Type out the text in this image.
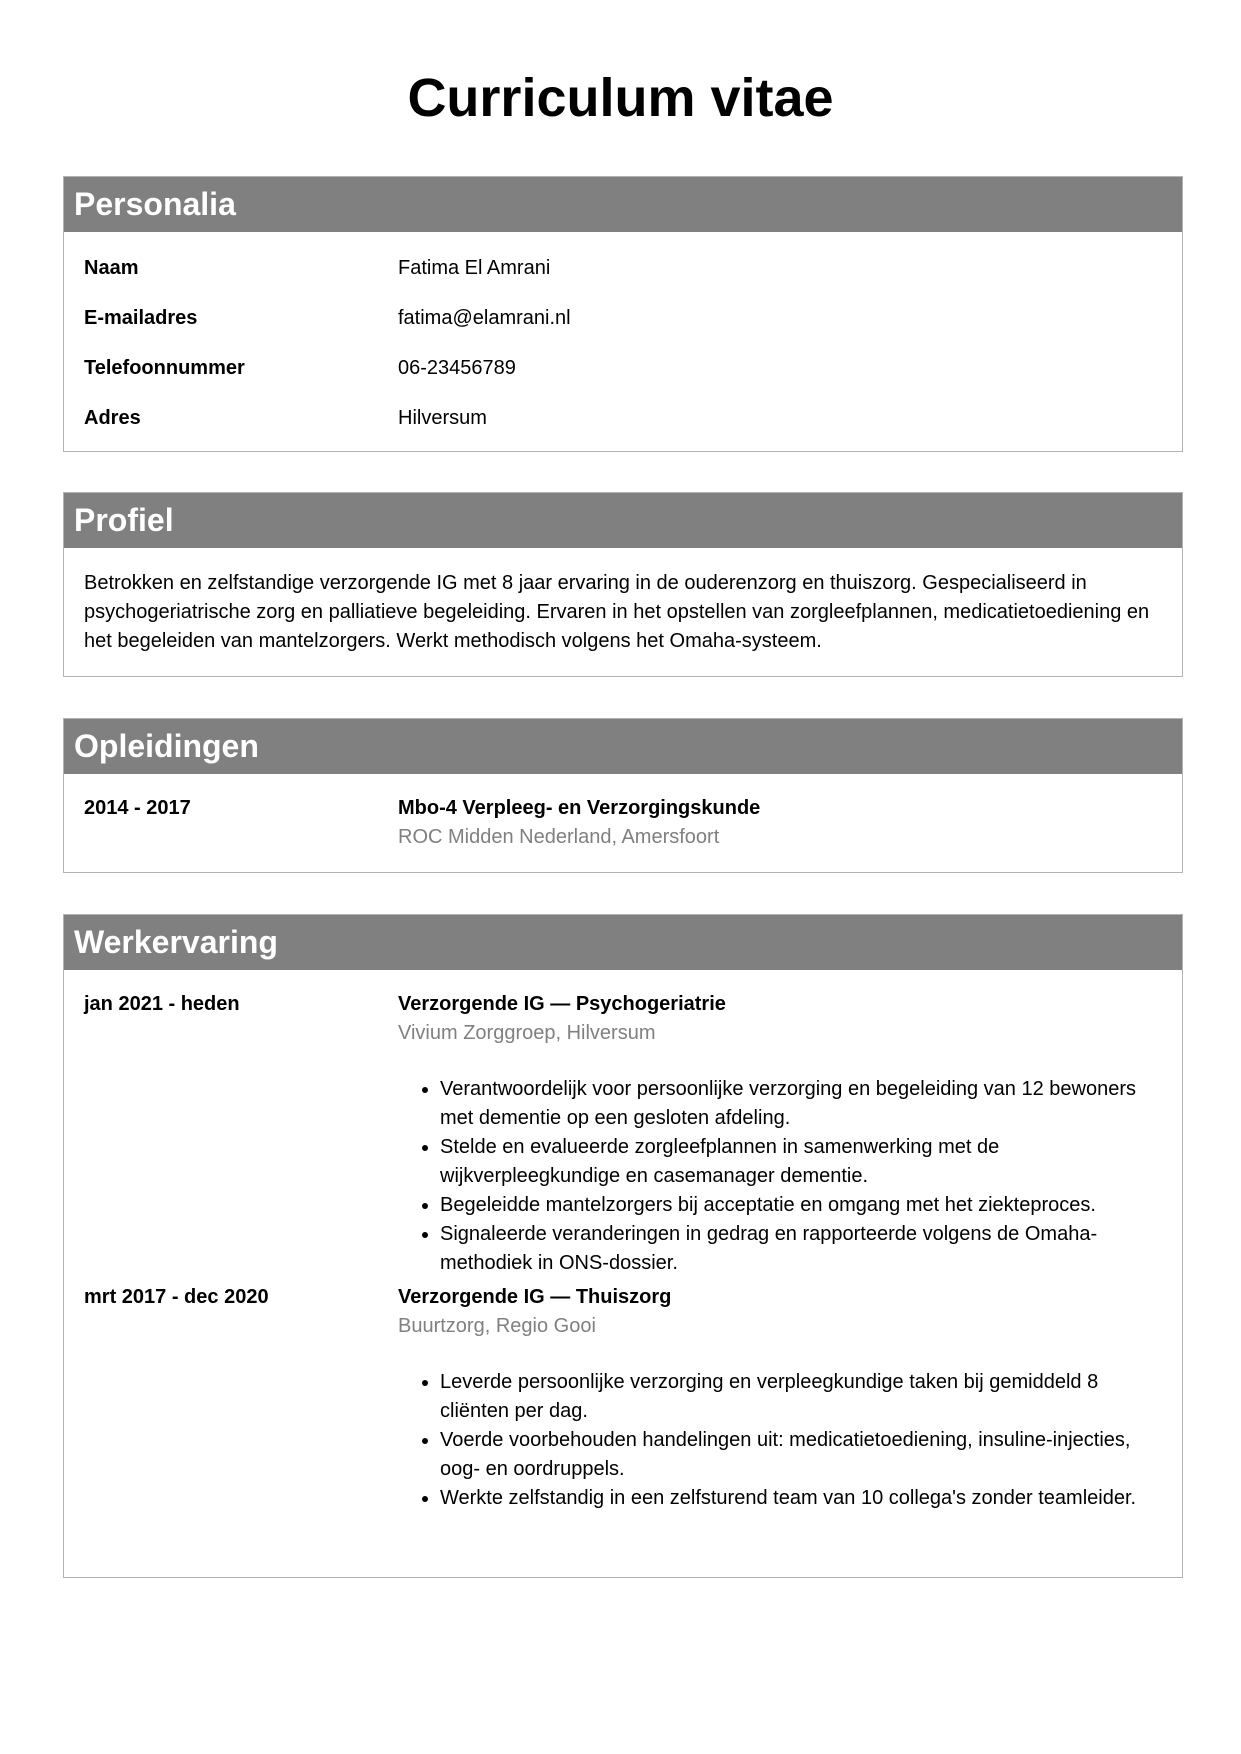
Curriculum vitae
Personalia
Naam	Fatima El Amrani
E-mailadres	fatima@elamrani.nl
Telefoonnummer	06-23456789
Adres	Hilversum
Profiel
Betrokken en zelfstandige verzorgende IG met 8 jaar ervaring in de ouderenzorg en thuiszorg. Gespecialiseerd in psychogeriatrische zorg en palliatieve begeleiding. Ervaren in het opstellen van zorgleefplannen, medicatietoediening en het begeleiden van mantelzorgers. Werkt methodisch volgens het Omaha-systeem.
Opleidingen
2014 - 2017	Mbo-4 Verpleeg- en Verzorgingskunde
ROC Midden Nederland, Amersfoort
Werkervaring
jan 2021 - heden	Verzorgende IG — Psychogeriatrie
Vivium Zorggroep, Hilversum
• Verantwoordelijk voor persoonlijke verzorging en begeleiding van 12 bewoners met dementie op een gesloten afdeling.
• Stelde en evalueerde zorgleefplannen in samenwerking met de wijkverpleegkundige en casemanager dementie.
• Begeleidde mantelzorgers bij acceptatie en omgang met het ziekteproces.
• Signaleerde veranderingen in gedrag en rapporteerde volgens de Omaha-methodiek in ONS-dossier.
mrt 2017 - dec 2020	Verzorgende IG — Thuiszorg
Buurtzorg, Regio Gooi
• Leverde persoonlijke verzorging en verpleegkundige taken bij gemiddeld 8 cliënten per dag.
• Voerde voorbehouden handelingen uit: medicatietoediening, insuline-injecties, oog- en oordruppels.
• Werkte zelfstandig in een zelfsturend team van 10 collega's zonder teamleider.
